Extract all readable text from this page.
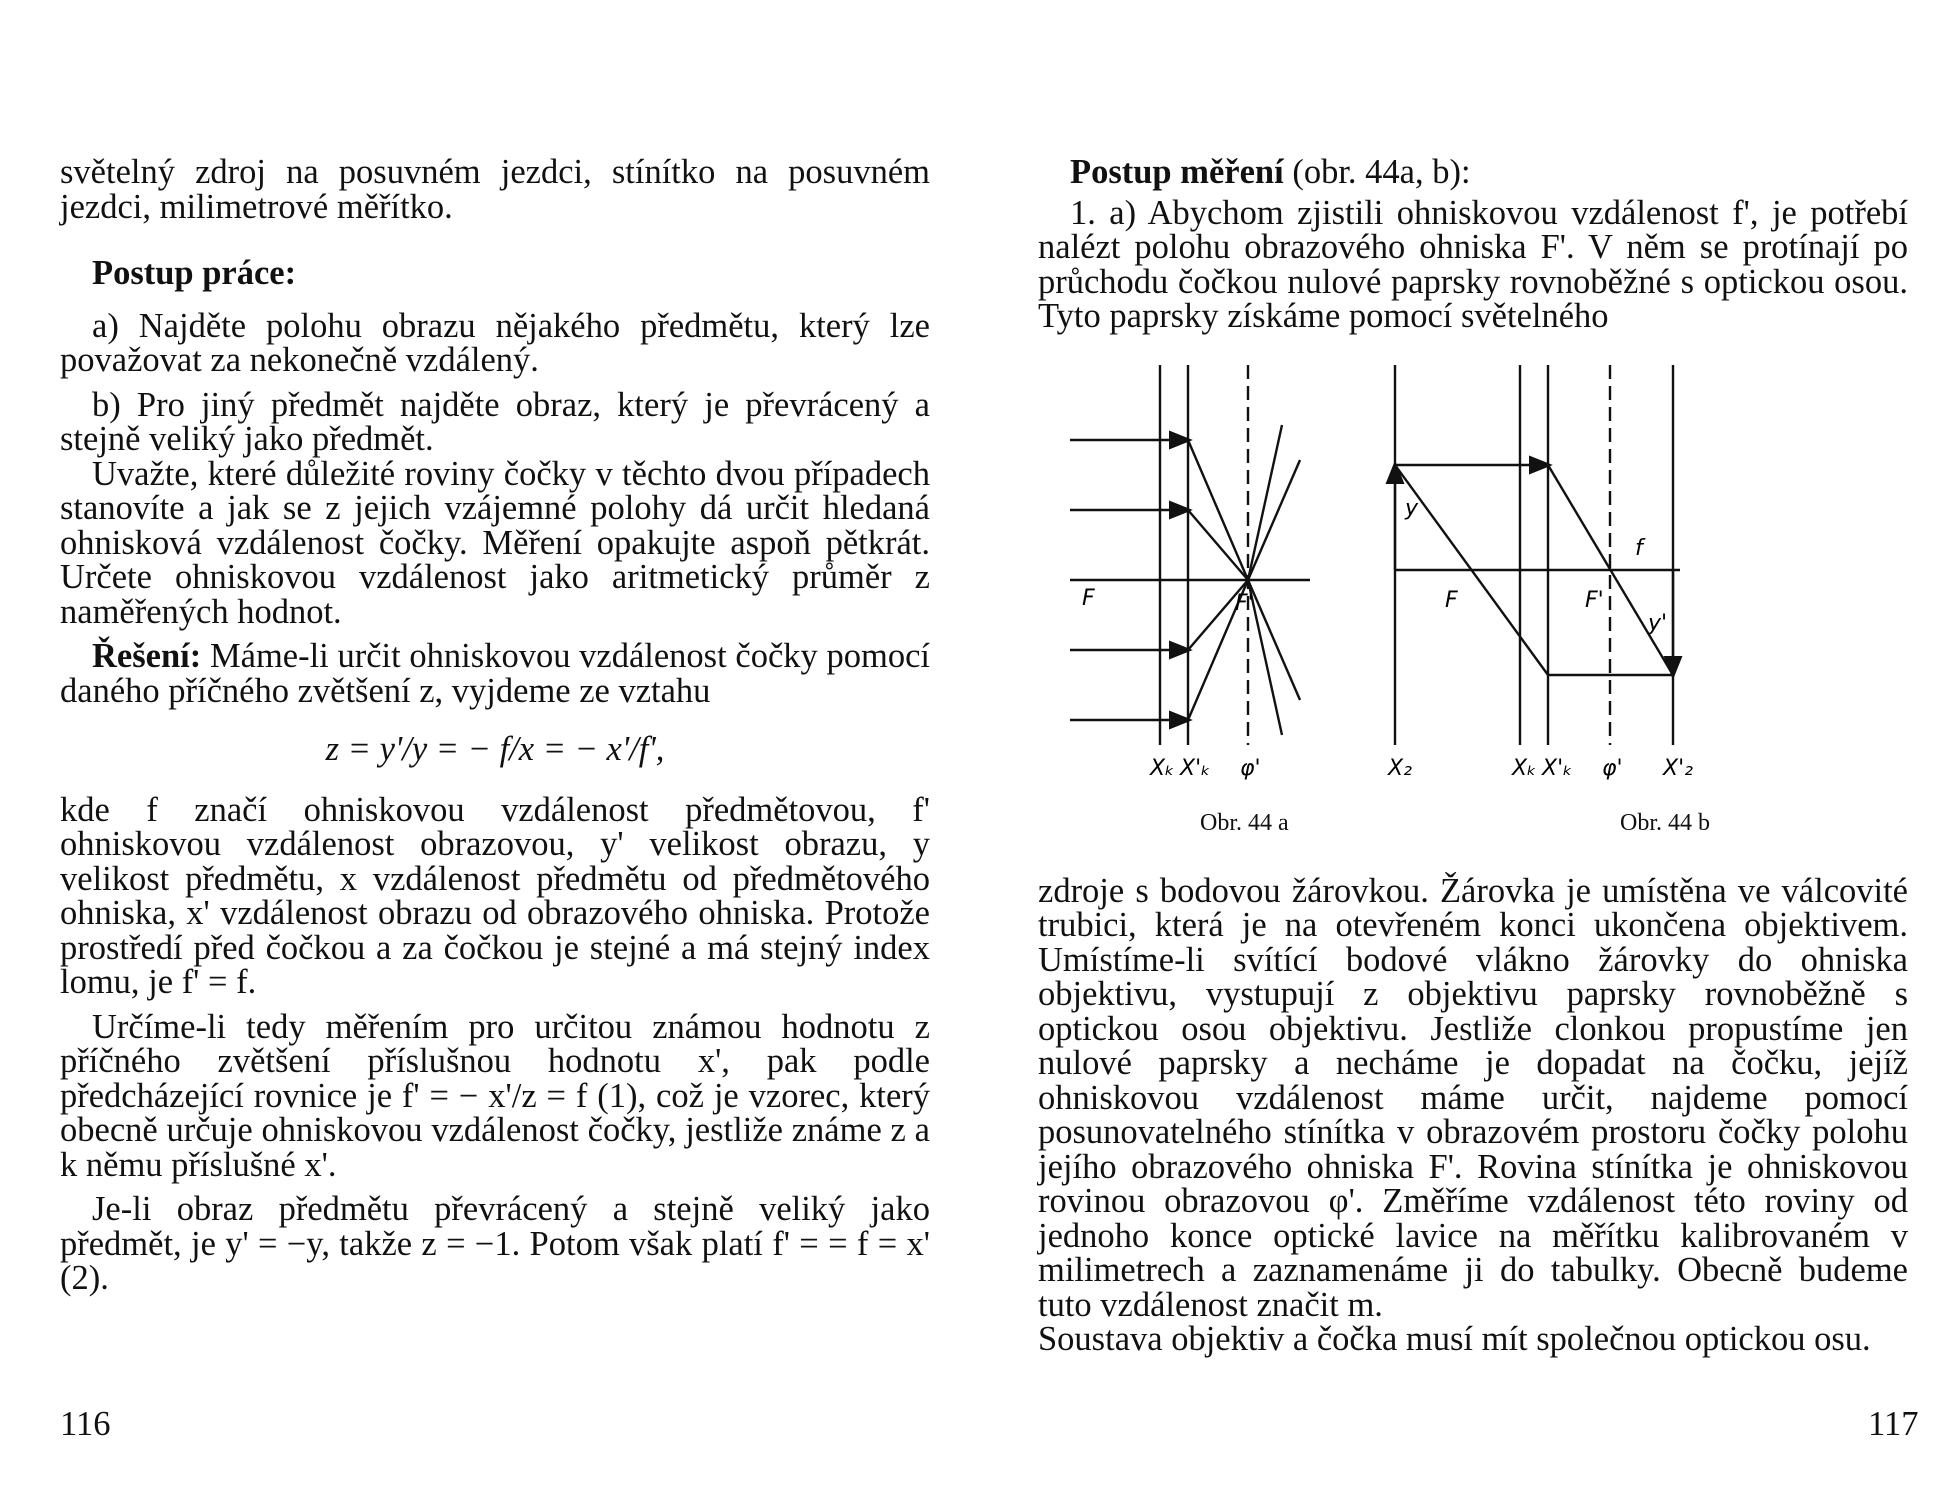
světelný zdroj na posuvném jezdci, stínítko na posuvném jezdci, milimetrové měřítko.

Postup práce:

a) Najděte polohu obrazu nějakého předmětu, který lze považovat za nekonečně vzdálený.

b) Pro jiný předmět najděte obraz, který je převrácený a stejně veliký jako předmět.

Uvažte, které důležité roviny čočky v těchto dvou případech stanovíte a jak se z jejich vzájemné polohy dá určit hledaná ohnisková vzdálenost čočky. Měření opakujte aspoň pětkrát. Určete ohniskovou vzdálenost jako aritmetický průměr z naměřených hodnot.

Řešení: Máme-li určit ohniskovou vzdálenost čočky pomocí daného příčného zvětšení z, vyjdeme ze vztahu

z = y'/y = − f/x = − x'/f',

kde f značí ohniskovou vzdálenost předmětovou, f' ohniskovou vzdálenost obrazovou, y' velikost obrazu, y velikost předmětu, x vzdálenost předmětu od předmětového ohniska, x' vzdálenost obrazu od obrazového ohniska. Protože prostředí před čočkou a za čočkou je stejné a má stejný index lomu, je f' = f.

Určíme-li tedy měřením pro určitou známou hodnotu z příčného zvětšení příslušnou hodnotu x', pak podle předcházející rovnice je f' = − x'/z = f (1), což je vzorec, který obecně určuje ohniskovou vzdálenost čočky, jestliže známe z a k němu příslušné x'.

Je-li obraz předmětu převrácený a stejně veliký jako předmět, je y' = −y, takže z = −1. Potom však platí f' = = f = x' (2).

116

Postup měření (obr. 44a, b):

1. a) Abychom zjistili ohniskovou vzdálenost f', je potřebí nalézt polohu obrazového ohniska F'. V něm se protínají po průchodu čočkou nulové paprsky rovnoběžné s optickou osou. Tyto paprsky získáme pomocí světelného

zdroje s bodovou žárovkou. Žárovka je umístěna ve válcovité trubici, která je na otevřeném konci ukončena objektivem. Umístíme-li svítící bodové vlákno žárovky do ohniska objektivu, vystupují z objektivu paprsky rovnoběžně s optickou osou objektivu. Jestliže clonkou propustíme jen nulové paprsky a necháme je dopadat na čočku, jejíž ohniskovou vzdálenost máme určit, najdeme pomocí posunovatelného stínítka v obrazovém prostoru čočky polohu jejího obrazového ohniska F'. Rovina stínítka je ohniskovou rovinou obrazovou φ'. Změříme vzdálenost této roviny od jednoho konce optické lavice na měřítku kalibrovaném v milimetrech a zaznamenáme ji do tabulky. Obecně budeme tuto vzdálenost značit m.

Soustava objektiv a čočka musí mít společnou optickou osu.

117
F	F'
Xₖ X'ₖ φ'
y
F
f
F'
y'
X₂	Xₖ X'ₖ φ' X'₂
Obr. 44 a	Obr. 44 b
